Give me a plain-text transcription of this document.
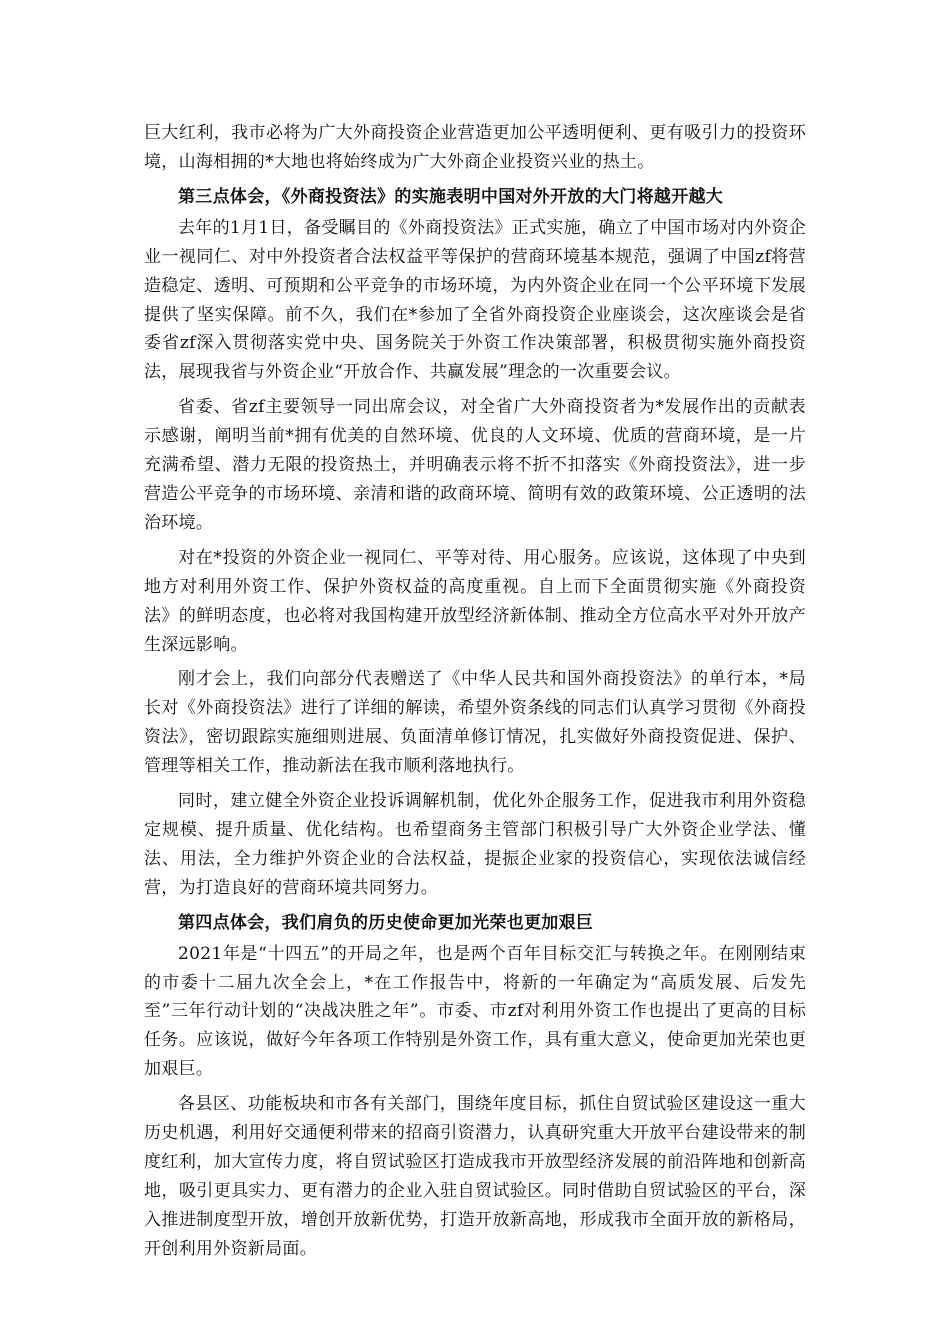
巨大红利，我市必将为广大外商投资企业营造更加公平透明便利、更有吸引力的投资环境，山海相拥的*大地也将始终成为广大外商企业投资兴业的热土。

第三点体会，《外商投资法》的实施表明中国对外开放的大门将越开越大

去年的1月1日，备受瞩目的《外商投资法》正式实施，确立了中国市场对内外资企业一视同仁、对中外投资者合法权益平等保护的营商环境基本规范，强调了中国zf将营造稳定、透明、可预期和公平竞争的市场环境，为内外资企业在同一个公平环境下发展提供了坚实保障。前不久，我们在*参加了全省外商投资企业座谈会，这次座谈会是省委省zf深入贯彻落实党中央、国务院关于外资工作决策部署，积极贯彻实施外商投资法，展现我省与外资企业“开放合作、共赢发展”理念的一次重要会议。

省委、省zf主要领导一同出席会议，对全省广大外商投资者为*发展作出的贡献表示感谢，阐明当前*拥有优美的自然环境、优良的人文环境、优质的营商环境，是一片充满希望、潜力无限的投资热土，并明确表示将不折不扣落实《外商投资法》，进一步营造公平竞争的市场环境、亲清和谐的政商环境、简明有效的政策环境、公正透明的法治环境。

对在*投资的外资企业一视同仁、平等对待、用心服务。应该说，这体现了中央到地方对利用外资工作、保护外资权益的高度重视。自上而下全面贯彻实施《外商投资法》的鲜明态度，也必将对我国构建开放型经济新体制、推动全方位高水平对外开放产生深远影响。

刚才会上，我们向部分代表赠送了《中华人民共和国外商投资法》的单行本，*局长对《外商投资法》进行了详细的解读，希望外资条线的同志们认真学习贯彻《外商投资法》，密切跟踪实施细则进展、负面清单修订情况，扎实做好外商投资促进、保护、管理等相关工作，推动新法在我市顺利落地执行。

同时，建立健全外资企业投诉调解机制，优化外企服务工作，促进我市利用外资稳定规模、提升质量、优化结构。也希望商务主管部门积极引导广大外资企业学法、懂法、用法，全力维护外资企业的合法权益，提振企业家的投资信心，实现依法诚信经营，为打造良好的营商环境共同努力。

第四点体会，我们肩负的历史使命更加光荣也更加艰巨

2021年是“十四五”的开局之年，也是两个百年目标交汇与转换之年。在刚刚结束的市委十二届九次全会上，*在工作报告中，将新的一年确定为“高质发展、后发先至”三年行动计划的“决战决胜之年”。市委、市zf对利用外资工作也提出了更高的目标任务。应该说，做好今年各项工作特别是外资工作，具有重大意义，使命更加光荣也更加艰巨。

各县区、功能板块和市各有关部门，围绕年度目标，抓住自贸试验区建设这一重大历史机遇，利用好交通便利带来的招商引资潜力，认真研究重大开放平台建设带来的制度红利，加大宣传力度，将自贸试验区打造成我市开放型经济发展的前沿阵地和创新高地，吸引更具实力、更有潜力的企业入驻自贸试验区。同时借助自贸试验区的平台，深入推进制度型开放，增创开放新优势，打造开放新高地，形成我市全面开放的新格局，开创利用外资新局面。
